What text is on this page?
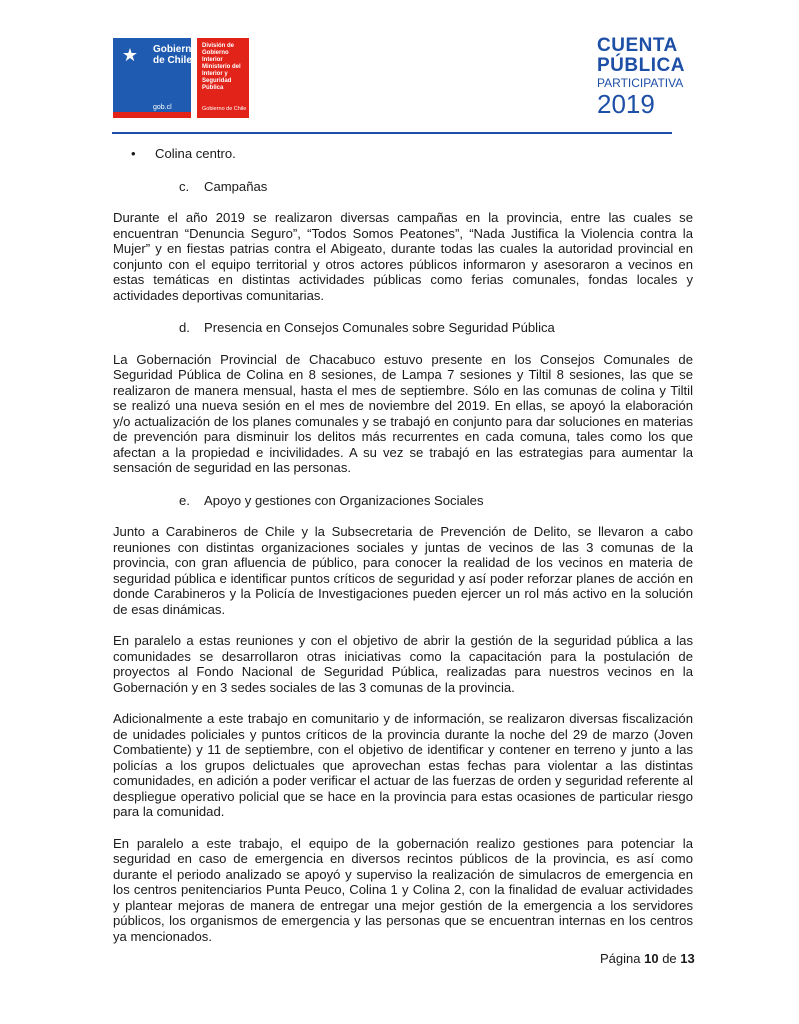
★ Gobierno
de Chile
gob.cl
División de Gobierno Interior Ministerio del Interior y Seguridad Pública
Gobierno de Chile
CUENTA
PÚBLICA
PARTICIPATIVA
2019
• Colina centro.
c. Campañas

Durante el año 2019 se realizaron diversas campañas en la provincia, entre las cuales se encuentran “Denuncia Seguro”, “Todos Somos Peatones”, “Nada Justifica la Violencia contra la Mujer” y en fiestas patrias contra el Abigeato, durante todas las cuales la autoridad provincial en conjunto con el equipo territorial y otros actores públicos informaron y asesoraron a vecinos en estas temáticas en distintas actividades públicas como ferias comunales, fondas locales y actividades deportivas comunitarias.

d. Presencia en Consejos Comunales sobre Seguridad Pública

La Gobernación Provincial de Chacabuco estuvo presente en los Consejos Comunales de Seguridad Pública de Colina en 8 sesiones, de Lampa 7 sesiones y Tiltil 8 sesiones, las que se realizaron de manera mensual, hasta el mes de septiembre. Sólo en las comunas de colina y Tiltil se realizó una nueva sesión en el mes de noviembre del 2019. En ellas, se apoyó la elaboración y/o actualización de los planes comunales y se trabajó en conjunto para dar soluciones en materias de prevención para disminuir los delitos más recurrentes en cada comuna, tales como los que afectan a la propiedad e incivilidades. A su vez se trabajó en las estrategias para aumentar la sensación de seguridad en las personas.

e. Apoyo y gestiones con Organizaciones Sociales

Junto a Carabineros de Chile y la Subsecretaria de Prevención de Delito, se llevaron a cabo reuniones con distintas organizaciones sociales y juntas de vecinos de las 3 comunas de la provincia, con gran afluencia de público, para conocer la realidad de los vecinos en materia de seguridad pública e identificar puntos críticos de seguridad y así poder reforzar planes de acción en donde Carabineros y la Policía de Investigaciones pueden ejercer un rol más activo en la solución de esas dinámicas.

En paralelo a estas reuniones y con el objetivo de abrir la gestión de la seguridad pública a las comunidades se desarrollaron otras iniciativas como la capacitación para la postulación de proyectos al Fondo Nacional de Seguridad Pública, realizadas para nuestros vecinos en la Gobernación y en 3 sedes sociales de las 3 comunas de la provincia.

Adicionalmente a este trabajo en comunitario y de información, se realizaron diversas fiscalización de unidades policiales y puntos críticos de la provincia durante la noche del 29 de marzo (Joven Combatiente) y 11 de septiembre, con el objetivo de identificar y contener en terreno y junto a las policías a los grupos delictuales que aprovechan estas fechas para violentar a las distintas comunidades, en adición a poder verificar el actuar de las fuerzas de orden y seguridad referente al despliegue operativo policial que se hace en la provincia para estas ocasiones de particular riesgo para la comunidad.

En paralelo a este trabajo, el equipo de la gobernación realizo gestiones para potenciar la seguridad en caso de emergencia en diversos recintos públicos de la provincia, es así como durante el periodo analizado se apoyó y superviso la realización de simulacros de emergencia en los centros penitenciarios Punta Peuco, Colina 1 y Colina 2, con la finalidad de evaluar actividades y plantear mejoras de manera de entregar una mejor gestión de la emergencia a los servidores públicos, los organismos de emergencia y las personas que se encuentran internas en los centros ya mencionados.

Página 10 de 13
